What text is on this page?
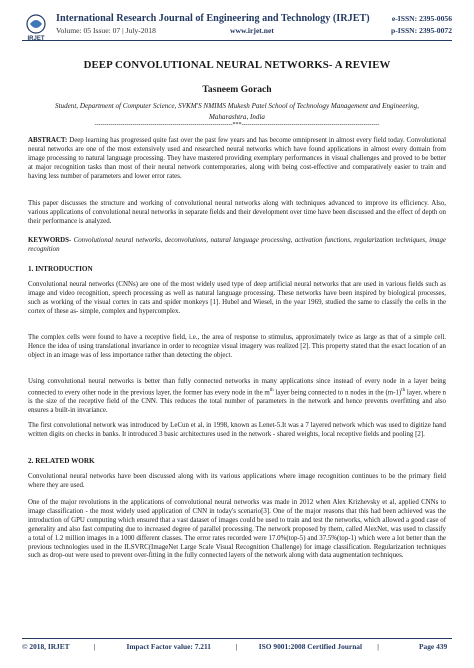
IRJET
International Research Journal of Engineering and Technology (IRJET)
Volume: 05 Issue: 07 | July-2018	www.irjet.net
e-ISSN: 2395-0056
p-ISSN: 2395-0072
DEEP CONVOLUTIONAL NEURAL NETWORKS- A REVIEW
Tasneem Gorach
Student, Department of Computer Science, SVKM'S NMIMS Mukesh Patel School of Technology Management and Engineering, Maharashtra, India
---------------------------------------------------------------------***---------------------------------------------------------------------
ABSTRACT: Deep learning has progressed quite fast over the past few years and has become omnipresent in almost every field today. Convolutional neural networks are one of the most extensively used and researched neural networks which have found applications in almost every domain from image processing to natural language processing. They have mastered providing exemplary performances in visual challenges and proved to be better at major recognition tasks than most of their neural network contemporaries, along with being cost-effective and comparatively easier to train and having less number of parameters and lower error rates.
This paper discusses the structure and working of convolutional neural networks along with techniques advanced to improve its efficiency. Also, various applications of convolutional neural networks in separate fields and their development over time have been discussed and the effect of depth on their performance is analyzed.
KEYWORDS- Convolutional neural networks, deconvolutions, natural language processing, activation functions, regularization techniques, image recognition
1. INTRODUCTION
Convolutional neural networks (CNNs) are one of the most widely used type of deep artificial neural networks that are used in various fields such as image and video recognition, speech processing as well as natural language processing. These networks have been inspired by biological processes, such as working of the visual cortex in cats and spider monkeys [1]. Hubel and Wiesel, in the year 1969, studied the same to classify the cells in the cortex of these as- simple, complex and hypercomplex.
The complex cells were found to have a receptive field, i.e., the area of response to stimulus, approximately twice as large as that of a simple cell. Hence the idea of using translational invariance in order to recognize visual imagery was realized [2]. This property stated that the exact location of an object in an image was of less importance rather than detecting the object.
Using convolutional neural networks is better than fully connected networks in many applications since instead of every node in a layer being connected to every other node in the previous layer, the former has every node in the $m^{th}$ layer being connected to n nodes in the $(m-1)^{th}$ layer, where n is the size of the receptive field of the CNN. This reduces the total number of parameters in the network and hence prevents overfitting and also ensures a built-in invariance.
The first convolutional network was introduced by LeCun et al, in 1998, known as Lenet-5.It was a 7 layered network which was used to digitize hand written digits on checks in banks. It introduced 3 basic architectures used in the network - shared weights, local receptive fields and pooling [2].
2. RELATED WORK
Convolutional neural networks have been discussed along with its various applications where image recognition continues to be the primary field where they are used.
One of the major revolutions in the applications of convolutional neural networks was made in 2012 when Alex Krizhevsky et al, applied CNNs to image classification - the most widely used application of CNN in today's scenario[3]. One of the major reasons that this had been achieved was the introduction of GPU computing which ensured that a vast dataset of images could be used to train and test the networks, which allowed a good case of generality and also fast computing due to increased degree of parallel processing. The network proposed by them, called AlexNet, was used to classify a total of 1.2 million images in a 1000 different classes. The error rates recorded were 17.0%(top-5) and 37.5%(top-1) which were a lot better than the previous technologies used in the ILSVRC(ImageNet Large Scale Visual Recognition Challenge) for image classification. Regularization techniques such as drop-out were used to prevent over-fitting in the fully connected layers of the network along with data augmentation techniques.
© 2018, IRJET	|	Impact Factor value: 7.211	|	ISO 9001:2008 Certified Journal |	Page 439
